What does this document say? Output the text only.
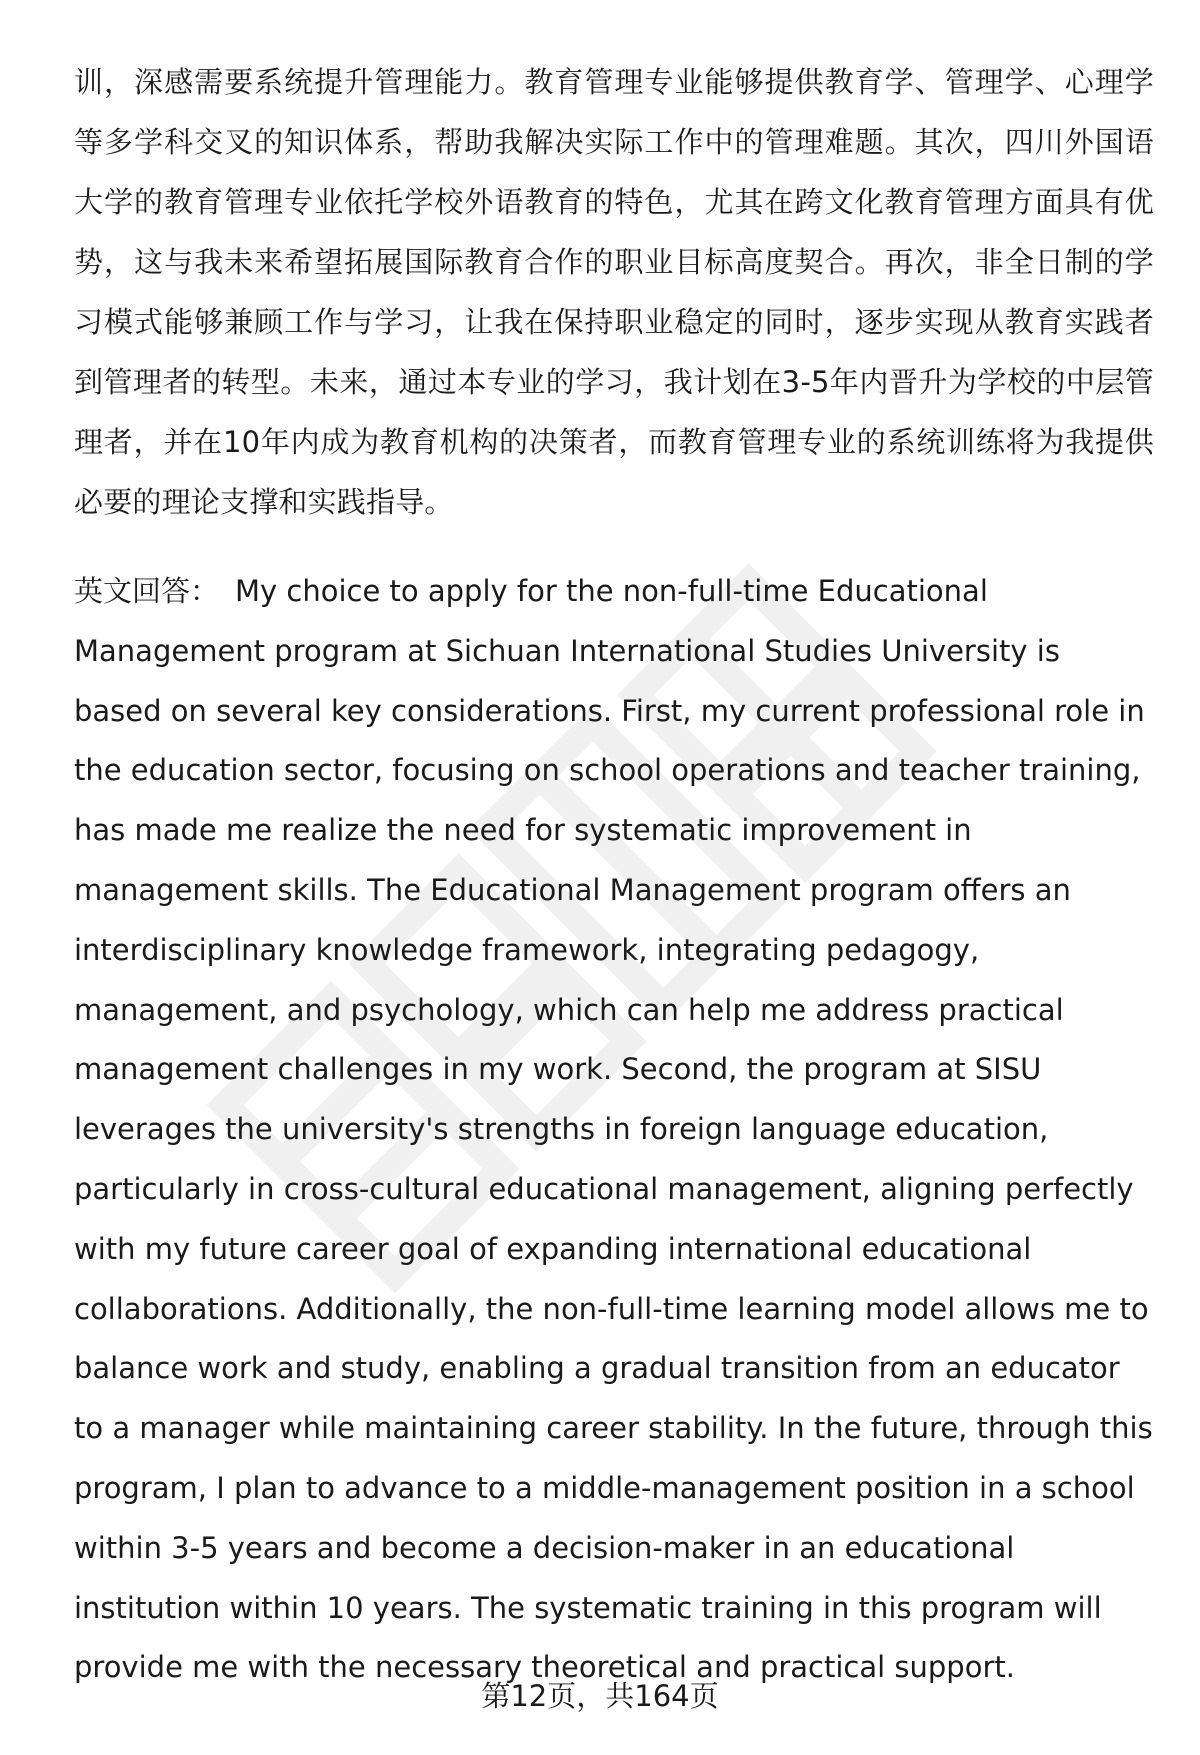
训，深感需要系统提升管理能力。教育管理专业能够提供教育学、管理学、心理学等多学科交叉的知识体系，帮助我解决实际工作中的管理难题。其次，四川外国语大学的教育管理专业依托学校外语教育的特色，尤其在跨文化教育管理方面具有优势，这与我未来希望拓展国际教育合作的职业目标高度契合。再次，非全日制的学习模式能够兼顾工作与学习，让我在保持职业稳定的同时，逐步实现从教育实践者到管理者的转型。未来，通过本专业的学习，我计划在3-5年内晋升为学校的中层管理者，并在10年内成为教育机构的决策者，而教育管理专业的系统训练将为我提供必要的理论支撑和实践指导。

英文回答： My choice to apply for the non-full-time Educational Management program at Sichuan International Studies University is based on several key considerations. First, my current professional role in the education sector, focusing on school operations and teacher training, has made me realize the need for systematic improvement in management skills. The Educational Management program offers an interdisciplinary knowledge framework, integrating pedagogy, management, and psychology, which can help me address practical management challenges in my work. Second, the program at SISU leverages the university's strengths in foreign language education, particularly in cross-cultural educational management, aligning perfectly with my future career goal of expanding international educational collaborations. Additionally, the non-full-time learning model allows me to balance work and study, enabling a gradual transition from an educator to a manager while maintaining career stability. In the future, through this program, I plan to advance to a middle-management position in a school within 3-5 years and become a decision-maker in an educational institution within 10 years. The systematic training in this program will provide me with the necessary theoretical and practical support.

第12页，共164页
